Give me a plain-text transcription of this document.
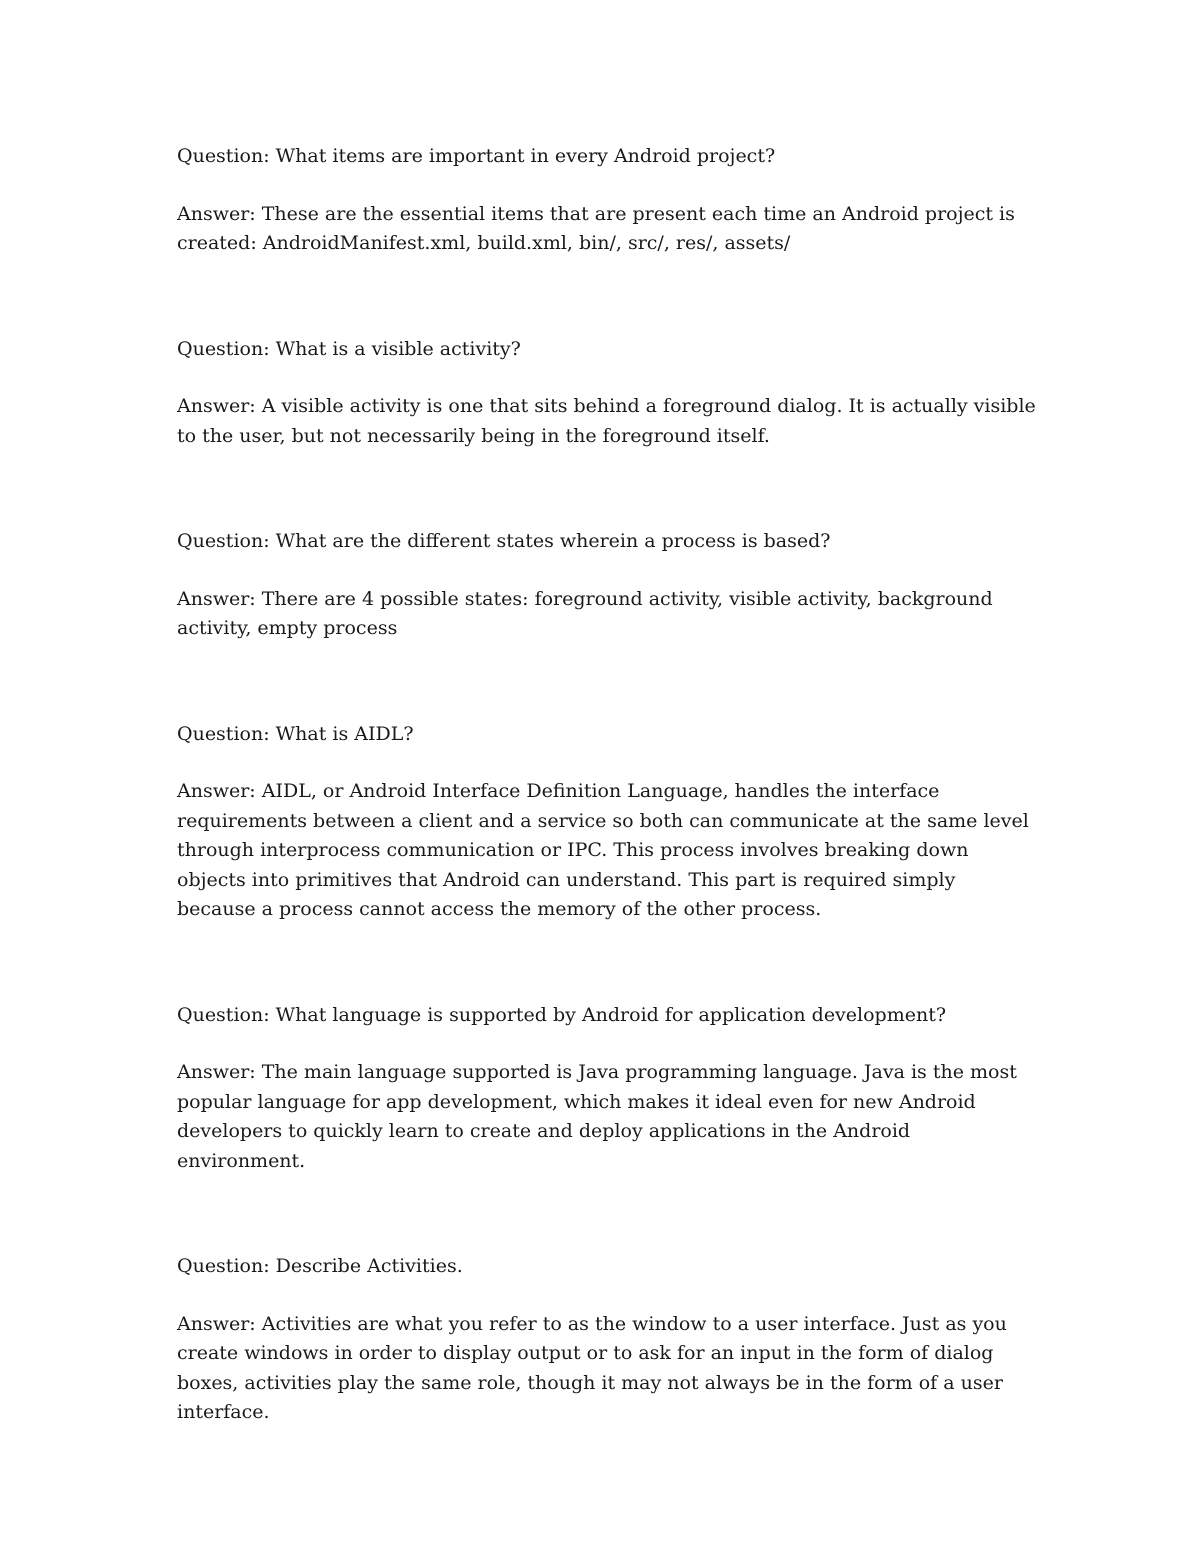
Question: What items are important in every Android project?

Answer: These are the essential items that are present each time an Android project is created: AndroidManifest.xml, build.xml, bin/, src/, res/, assets/

Question: What is a visible activity?

Answer: A visible activity is one that sits behind a foreground dialog. It is actually visible to the user, but not necessarily being in the foreground itself.

Question: What are the different states wherein a process is based?

Answer: There are 4 possible states: foreground activity, visible activity, background activity, empty process

Question: What is AIDL?

Answer: AIDL, or Android Interface Definition Language, handles the interface requirements between a client and a service so both can communicate at the same level through interprocess communication or IPC. This process involves breaking down objects into primitives that Android can understand. This part is required simply because a process cannot access the memory of the other process.

Question: What language is supported by Android for application development?

Answer: The main language supported is Java programming language. Java is the most popular language for app development, which makes it ideal even for new Android developers to quickly learn to create and deploy applications in the Android environment.

Question: Describe Activities.

Answer: Activities are what you refer to as the window to a user interface. Just as you create windows in order to display output or to ask for an input in the form of dialog boxes, activities play the same role, though it may not always be in the form of a user interface.
